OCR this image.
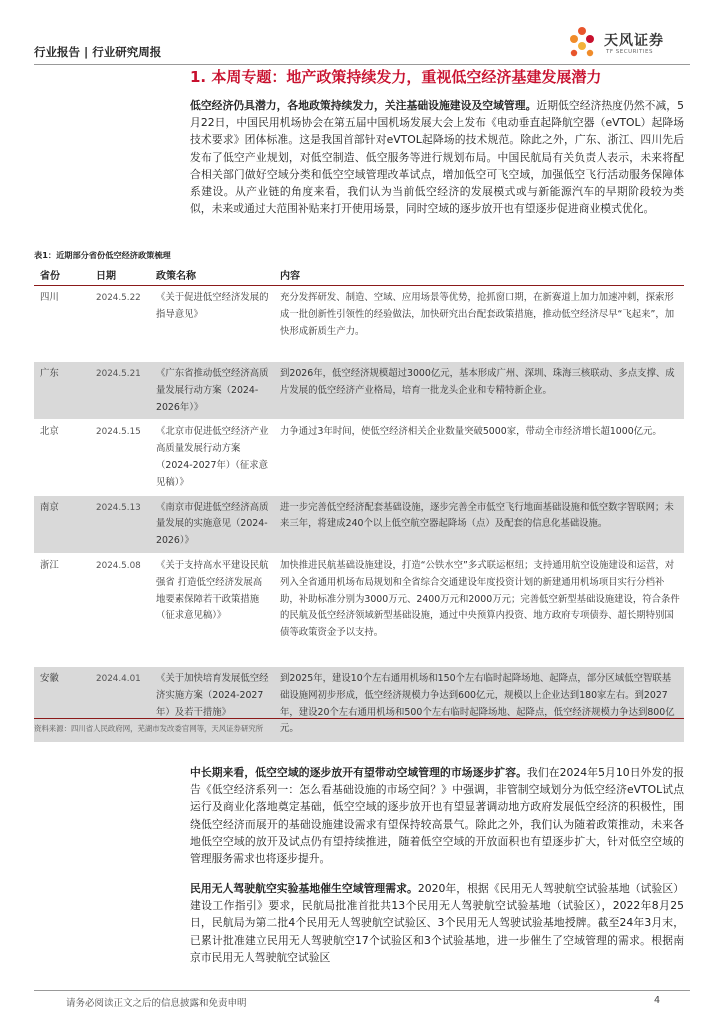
行业报告 | 行业研究周报
天风证券
TF SECURITIES
1. 本周专题：地产政策持续发力，重视低空经济基建发展潜力

低空经济仍具潜力，各地政策持续发力，关注基础设施建设及空域管理。近期低空经济热度仍然不减，5月22日，中国民用机场协会在第五届中国机场发展大会上发布《电动垂直起降航空器（eVTOL）起降场技术要求》团体标准。这是我国首部针对eVTOL起降场的技术规范。除此之外，广东、浙江、四川先后发布了低空产业规划，对低空制造、低空服务等进行规划布局。中国民航局有关负责人表示，未来将配合相关部门做好空域分类和低空空域管理改革试点，增加低空可飞空域，加强低空飞行活动服务保障体系建设。从产业链的角度来看，我们认为当前低空经济的发展模式或与新能源汽车的早期阶段较为类似，未来或通过大范围补贴来打开使用场景，同时空域的逐步放开也有望逐步促进商业模式优化。

表1：近期部分省份低空经济政策梳理
省份	日期	政策名称	内容
四川	2024.5.22	《关于促进低空经济发展的指导意见》	充分发挥研发、制造、空域、应用场景等优势，抢抓窗口期，在新赛道上加力加速冲刺，探索形成一批创新性引领性的经验做法，加快研究出台配套政策措施，推动低空经济尽早“飞起来”，加快形成新质生产力。
广东	2024.5.21	《广东省推动低空经济高质量发展行动方案（2024-2026年）》	到2026年，低空经济规模超过3000亿元，基本形成广州、深圳、珠海三核联动、多点支撑、成片发展的低空经济产业格局，培育一批龙头企业和专精特新企业。
北京	2024.5.15	《北京市促进低空经济产业高质量发展行动方案（2024-2027年）（征求意见稿）》	力争通过3年时间，使低空经济相关企业数量突破5000家，带动全市经济增长超1000亿元。
南京	2024.5.13	《南京市促进低空经济高质量发展的实施意见（2024-2026）》	进一步完善低空经济配套基础设施，逐步完善全市低空飞行地面基础设施和低空数字智联网；未来三年，将建成240个以上低空航空器起降场（点）及配套的信息化基础设施。
浙江	2024.5.08	《关于支持高水平建设民航强省 打造低空经济发展高地要素保障若干政策措施（征求意见稿）》	加快推进民航基础设施建设，打造“公铁水空”多式联运枢纽；支持通用航空设施建设和运营，对列入全省通用机场布局规划和全省综合交通建设年度投资计划的新建通用机场项目实行分档补助，补助标准分别为3000万元、2400万元和2000万元；完善低空新型基础设施建设，符合条件的民航及低空经济领域新型基础设施，通过中央预算内投资、地方政府专项债券、超长期特别国债等政策资金予以支持。
安徽	2024.4.01	《关于加快培育发展低空经济实施方案（2024-2027年）及若干措施》	到2025年，建设10个左右通用机场和150个左右临时起降场地、起降点，部分区域低空智联基础设施网初步形成，低空经济规模力争达到600亿元，规模以上企业达到180家左右。到2027年，建设20个左右通用机场和500个左右临时起降场地、起降点，低空经济规模力争达到800亿元。
资料来源：四川省人民政府网，芜湖市发改委官网等，天风证券研究所

中长期来看，低空空域的逐步放开有望带动空域管理的市场逐步扩容。我们在2024年5月10日外发的报告《低空经济系列一：怎么看基础设施的市场空间？》中强调，非管制空域划分为低空经济eVTOL试点运行及商业化落地奠定基础，低空空域的逐步放开也有望显著调动地方政府发展低空经济的积极性，围绕低空经济而展开的基础设施建设需求有望保持较高景气。除此之外，我们认为随着政策推动，未来各地低空空域的放开及试点仍有望持续推进，随着低空空域的开放面积也有望逐步扩大，针对低空空域的管理服务需求也将逐步提升。

民用无人驾驶航空实验基地催生空域管理需求。2020年，根据《民用无人驾驶航空试验基地（试验区）建设工作指引》要求，民航局批准首批共13个民用无人驾驶航空试验基地（试验区），2022年8月25日，民航局为第二批4个民用无人驾驶航空试验区、3个民用无人驾驶试验基地授牌。截至24年3月末，已累计批准建立民用无人驾驶航空17个试验区和3个试验基地，进一步催生了空域管理的需求。根据南京市民用无人驾驶航空试验区

请务必阅读正文之后的信息披露和免责申明	4
